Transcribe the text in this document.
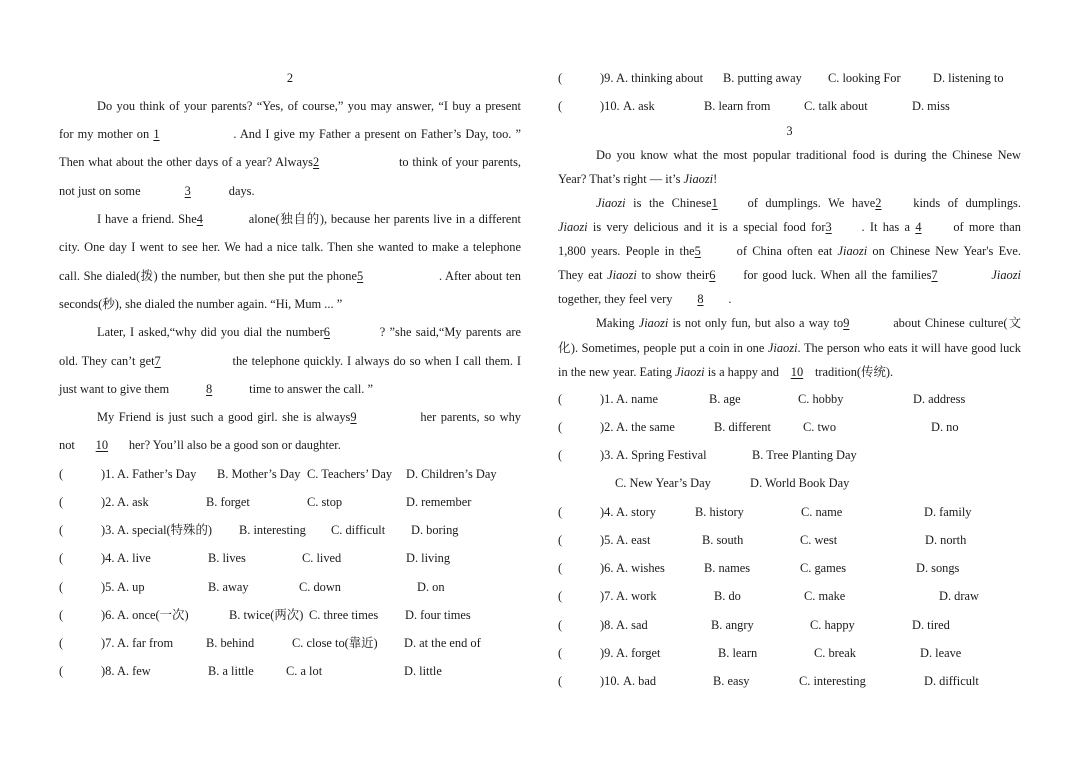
2
Do you think of your parents? “Yes, of course,” you may answer, “I buy a present
for my mother on 1	. And I give my Father a present on Father’s Day, too. ”
Then what about the other days of a year? Always2	to think of your parents,
not just on some	3	days.
I have a friend. She4	alone(独自的), because her parents live in a different
city. One day I went to see her. We had a nice talk. Then she wanted to make a telephone
call. She dialed(拨) the number, but then she put the phone5	. After about ten
seconds(秒), she dialed the number again. “Hi, Mum ... ”
Later, I asked,“why did you dial the number6	? ”she said,“My parents are
old. They can’t get7	the telephone quickly. I always do so when I call them. I
just want to give them	8	time to answer the call. ”
My Friend is just such a good girl. she is always9	her parents, so why
not 10 her? You’ll also be a good son or daughter.
(	)1. A. Father’s Day B. Mother’s Day C. Teachers’ Day D. Children’s Day
(	)2. A. ask	B. forget	C. stop	D. remember
(	)3. A. special(特殊的) B. interesting C. difficult D. boring
(	)4. A. live	B. lives	C. lived	D. living
(	)5. A. up	B. away	C. down	D. on
(	)6. A. once(一次)	B. twice(两次) C. three times D. four times
(	)7. A. far from	B. behind	C. close to(靠近) D. at the end of
(	)8. A. few	B. a little	C. a lot	D. little
(	)9. A. thinking about B. putting away C. looking For	D. listening to
(	)10. A. ask	B. learn from	C. talk about	D. miss
3
Do you know what the most popular traditional food is during the Chinese New
Year? That’s right — it’s Jiaozi!
Jiaozi is the Chinese1 of dumplings. We have2	kinds of dumplings.
Jiaozi is very delicious and it is a special food for3 . It has a 4	of more than
1,800 years. People in the5	of China often eat Jiaozi on Chinese New Year's Eve.
They eat Jiaozi to show their6 for good luck. When all the families7	Jiaozi
together, they feel very 8 .
Making Jiaozi is not only fun, but also a way to9	about Chinese culture(文
化). Sometimes, people put a coin in one Jiaozi. The person who eats it will have good luck
in the new year. Eating Jiaozi is a happy and 10 tradition(传统).
(	)1. A. name	B. age	C. hobby	D. address
(	)2. A. the same	B. different	C. two	D. no
(	)3. A. Spring Festival	B. Tree Planting Day
C. New Year’s Day	D. World Book Day
(	)4. A. story	B. history	C. name	D. family
(	)5. A. east	B. south	C. west	D. north
(	)6. A. wishes	B. names	C. games	D. songs
(	)7. A. work	B. do	C. make	D. draw
(	)8. A. sad	B. angry	C. happy	D. tired
(	)9. A. forget	B. learn	C. break	D. leave
(	)10. A. bad	B. easy	C. interesting	D. difficult
